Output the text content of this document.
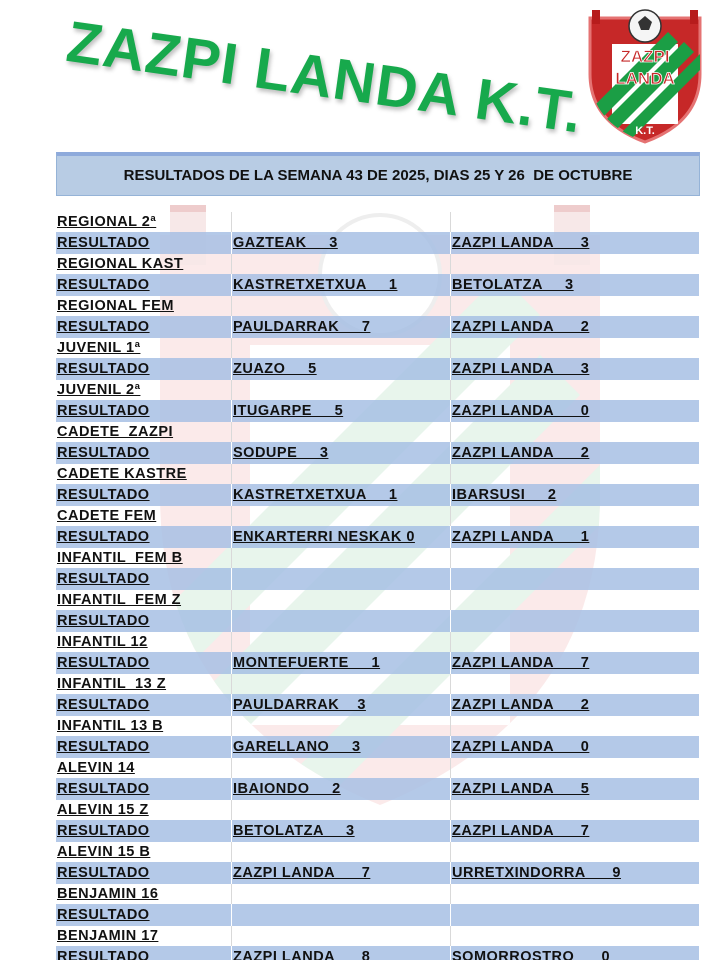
ZAZPI LANDA K.T. ZAZPI
LANDA
K.T.
RESULTADOS DE LA SEMANA 43 DE 2025, DIAS 25 Y 26  DE OCTUBRE
REGIONAL 2ª
RESULTADO	GAZTEAK     3	ZAZPI LANDA      3
REGIONAL KAST
RESULTADO	KASTRETXETXUA     1	BETOLATZA     3
REGIONAL FEM
RESULTADO	PAULDARRAK     7	ZAZPI LANDA      2
JUVENIL 1ª
RESULTADO	ZUAZO     5	ZAZPI LANDA      3
JUVENIL 2ª
RESULTADO	ITUGARPE     5	ZAZPI LANDA      0
CADETE  ZAZPI
RESULTADO	SODUPE     3	ZAZPI LANDA      2
CADETE KASTRE
RESULTADO	KASTRETXETXUA     1	IBARSUSI     2
CADETE FEM
RESULTADO	ENKARTERRI NESKAK 0	ZAZPI LANDA      1
INFANTIL  FEM B
RESULTADO
INFANTIL  FEM Z
RESULTADO
INFANTIL 12
RESULTADO	MONTEFUERTE     1	ZAZPI LANDA      7
INFANTIL  13 Z
RESULTADO	PAULDARRAK    3	ZAZPI LANDA      2
INFANTIL 13 B
RESULTADO	GARELLANO     3	ZAZPI LANDA      0
ALEVIN 14
RESULTADO	IBAIONDO     2	ZAZPI LANDA      5
ALEVIN 15 Z
RESULTADO	BETOLATZA     3	ZAZPI LANDA      7
ALEVIN 15 B
RESULTADO	ZAZPI LANDA      7	URRETXINDORRA      9
BENJAMIN 16
RESULTADO
BENJAMIN 17
RESULTADO	ZAZPI LANDA      8	SOMORROSTRO      0
